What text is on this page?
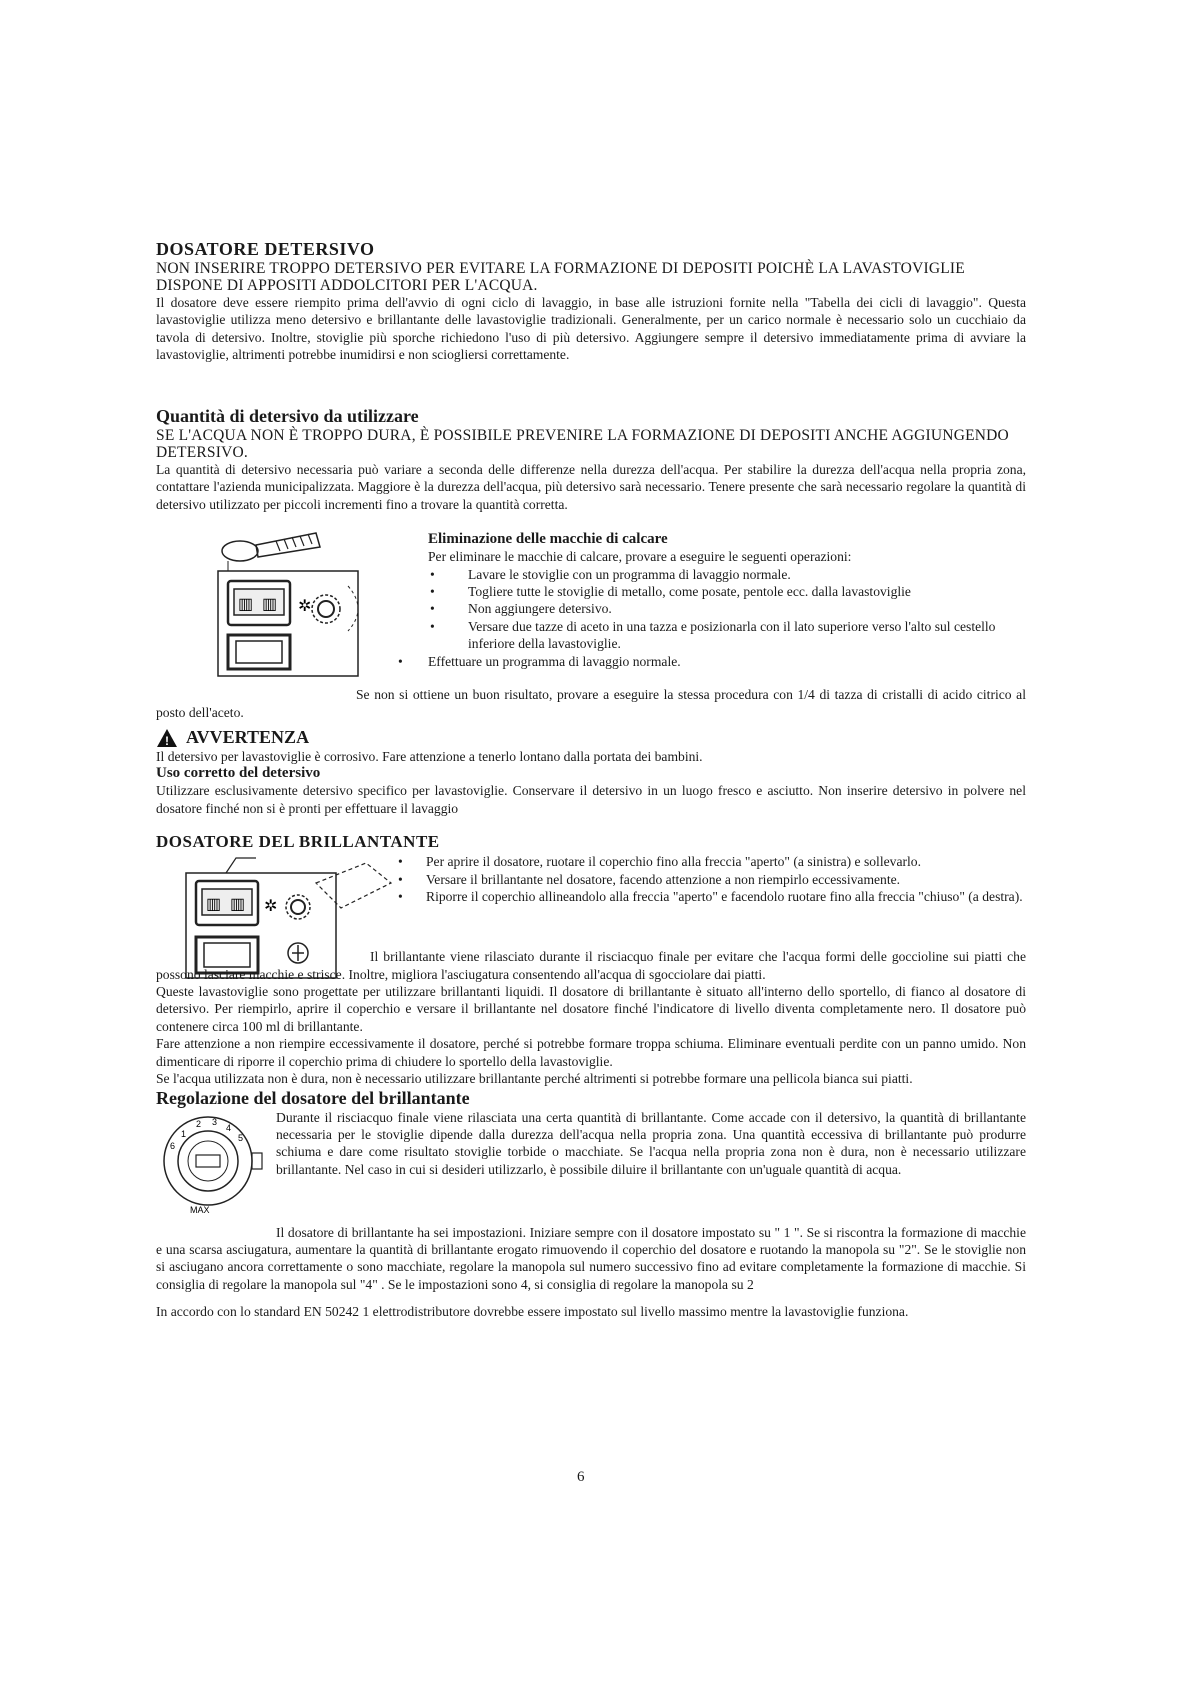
DOSATORE DETERSIVO
NON INSERIRE TROPPO DETERSIVO PER EVITARE LA FORMAZIONE DI DEPOSITI POICHÈ LA LAVASTOVIGLIE DISPONE DI APPOSITI ADDOLCITORI PER L'ACQUA.

Il dosatore deve essere riempito prima dell'avvio di ogni ciclo di lavaggio, in base alle istruzioni fornite nella "Tabella dei cicli di lavaggio". Questa lavastoviglie utilizza meno detersivo e brillantante delle lavastoviglie tradizionali. Generalmente, per un carico normale è necessario solo un cucchiaio da tavola di detersivo. Inoltre, stoviglie più sporche richiedono l'uso di più detersivo. Aggiungere sempre il detersivo immediatamente prima di avviare la lavastoviglie, altrimenti potrebbe inumidirsi e non sciogliersi correttamente.

Quantità di detersivo da utilizzare
SE L'ACQUA NON È TROPPO DURA, È POSSIBILE PREVENIRE LA FORMAZIONE DI DEPOSITI ANCHE AGGIUNGENDO DETERSIVO.

La quantità di detersivo necessaria può variare a seconda delle differenze nella durezza dell'acqua. Per stabilire la durezza dell'acqua nella propria zona, contattare l'azienda municipalizzata. Maggiore è la durezza dell'acqua, più detersivo sarà necessario. Tenere presente che sarà necessario regolare la quantità di detersivo utilizzato per piccoli incrementi fino a trovare la quantità corretta.

▥ ▥ ✲
Eliminazione delle macchie di calcare
Per eliminare le macchie di calcare, provare a eseguire le seguenti operazioni:
• Lavare le stoviglie con un programma di lavaggio normale.
• Togliere tutte le stoviglie di metallo, come posate, pentole ecc. dalla lavastoviglie
• Non aggiungere detersivo.
• Versare due tazze di aceto in una tazza e posizionarla con il lato superiore verso l'alto sul cestello inferiore della lavastoviglie.
• Effettuare un programma di lavaggio normale.

Se non si ottiene un buon risultato, provare a eseguire la stessa procedura con 1/4 di tazza di cristalli di acido citrico al posto dell'aceto.

! AVVERTENZA

Il detersivo per lavastoviglie è corrosivo. Fare attenzione a tenerlo lontano dalla portata dei bambini.

Uso corretto del detersivo

Utilizzare esclusivamente detersivo specifico per lavastoviglie. Conservare il detersivo in un luogo fresco e asciutto. Non inserire detersivo in polvere nel dosatore finché non si è pronti per effettuare il lavaggio

DOSATORE DEL BRILLANTANTE
▥ ▥ ✲
• Per aprire il dosatore, ruotare il coperchio fino alla freccia "aperto" (a sinistra) e sollevarlo.
• Versare il brillantante nel dosatore, facendo attenzione a non riempirlo eccessivamente.
• Riporre il coperchio allineandolo alla freccia "aperto" e facendolo ruotare fino alla freccia "chiuso" (a destra).

Il brillantante viene rilasciato durante il risciacquo finale per evitare che l'acqua formi delle goccioline sui piatti che possono lasciare macchie e strisce. Inoltre, migliora l'asciugatura consentendo all'acqua di sgocciolare dai piatti.

Queste lavastoviglie sono progettate per utilizzare brillantanti liquidi. Il dosatore di brillantante è situato all'interno dello sportello, di fianco al dosatore di detersivo. Per riempirlo, aprire il coperchio e versare il brillantante nel dosatore finché l'indicatore di livello diventa completamente nero. Il dosatore può contenere circa 100 ml di brillantante.

Fare attenzione a non riempire eccessivamente il dosatore, perché si potrebbe formare troppa schiuma. Eliminare eventuali perdite con un panno umido. Non dimenticare di riporre il coperchio prima di chiudere lo sportello della lavastoviglie.

Se l'acqua utilizzata non è dura, non è necessario utilizzare brillantante perché altrimenti si potrebbe formare una pellicola bianca sui piatti.

Regolazione del dosatore del brillantante
1
2 3
4
5
6
MAX

Durante il risciacquo finale viene rilasciata una certa quantità di brillantante. Come accade con il detersivo, la quantità di brillantante necessaria per le stoviglie dipende dalla durezza dell'acqua nella propria zona. Una quantità eccessiva di brillantante può produrre schiuma e dare come risultato stoviglie torbide o macchiate. Se l'acqua nella propria zona non è dura, non è necessario utilizzare brillantante. Nel caso in cui si desideri utilizzarlo, è possibile diluire il brillantante con un'uguale quantità di acqua.

Il dosatore di brillantante ha sei impostazioni. Iniziare sempre con il dosatore impostato su " 1 ". Se si riscontra la formazione di macchie e una scarsa asciugatura, aumentare la quantità di brillantante erogato rimuovendo il coperchio del dosatore e ruotando la manopola su "2". Se le stoviglie non si asciugano ancora correttamente o sono macchiate, regolare la manopola sul numero successivo fino ad evitare completamente la formazione di macchie. Si consiglia di regolare la manopola sul "4" . Se le impostazioni sono 4, si consiglia di regolare la manopola su 2

In accordo con lo standard EN 50242 1 elettrodistributore dovrebbe essere impostato sul livello massimo mentre la lavastoviglie funziona.

6
